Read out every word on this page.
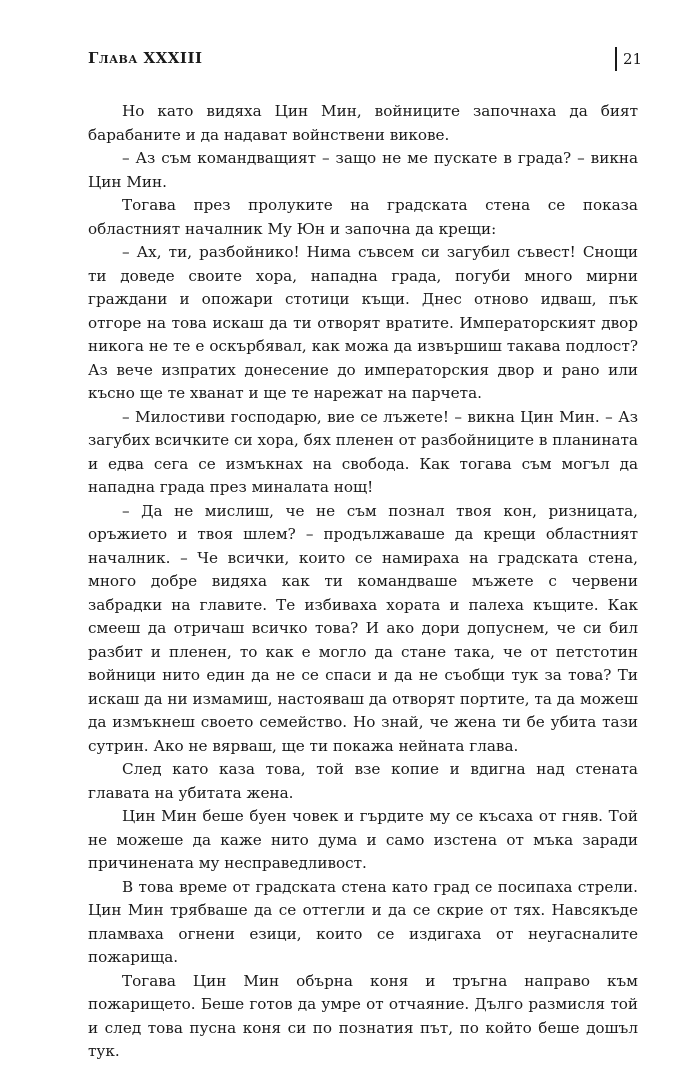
Глава XXXIII	21

Но като видяха Цин Мин, войниците започнаха да бият барабаните и да надават войнствени викове.

– Аз съм командващият – защо не ме пускате в града? – викна Цин Мин.

Тогава през пролуките на градската стена се показа областният началник Му Юн и започна да крещи:

– Ах, ти, разбойнико! Нима съвсем си загубил съвест! Снощи ти доведе своите хора, нападна града, погуби много мирни граждани и опожари стотици къщи. Днес отново идваш, пък отгоре на това искаш да ти отворят вратите. Императорският двор никога не те е оскърбявал, как можа да извършиш такава подлост? Аз вече изпратих донесение до императорския двор и рано или късно ще те хванат и ще те нарежат на парчета.

– Милостиви господарю, вие се лъжете! – викна Цин Мин. – Аз загубих всичките си хора, бях пленен от разбойниците в планината и едва сега се измъкнах на свобода. Как тогава съм могъл да нападна града през миналата нощ!

– Да не мислиш, че не съм познал твоя кон, ризницата, оръжието и твоя шлем? – продължаваше да крещи областният началник. – Че всички, които се намираха на градската стена, много добре видяха как ти командваше мъжете с червени забрадки на главите. Те избиваха хората и палеха къщите. Как смееш да отричаш всичко това? И ако дори допуснем, че си бил разбит и пленен, то как е могло да стане така, че от петстотин войници нито един да не се спаси и да не съобщи тук за това? Ти искаш да ни измамиш, настояваш да отворят портите, та да можеш да измъкнеш своето семейство. Но знай, че жена ти бе убита тази сутрин. Ако не вярваш, ще ти покажа нейната глава.

След като каза това, той взе копие и вдигна над стената главата на убитата жена.

Цин Мин беше буен човек и гърдите му се късаха от гняв. Той не можеше да каже нито дума и само изстена от мъка заради причинената му несправедливост.

В това време от градската стена като град се посипаха стрели. Цин Мин трябваше да се оттегли и да се скрие от тях. Навсякъде пламваха огнени езици, които се издигаха от неугасналите пожарища.

Тогава Цин Мин обърна коня и тръгна направо към пожарището. Беше готов да умре от отчаяние. Дълго размисля той и след това пусна коня си по познатия път, по който беше дошъл тук.
